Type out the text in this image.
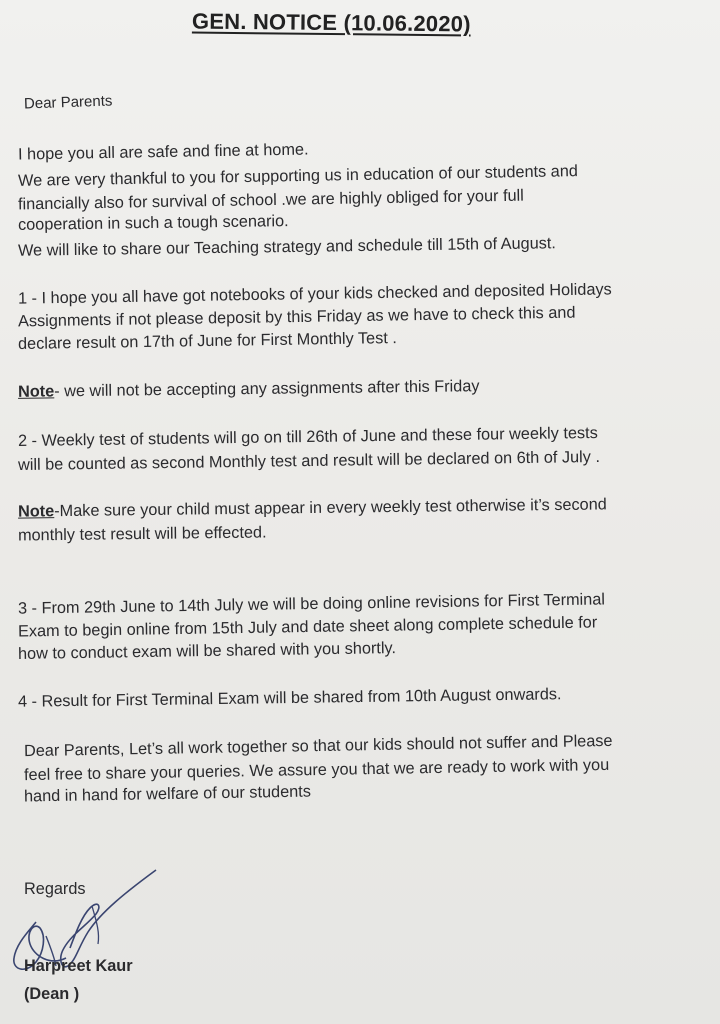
GEN. NOTICE (10.06.2020)
Dear Parents
I hope you all are safe and fine at home.
We are very thankful to you for supporting us in education of our students and
financially also for survival of school .we are highly obliged for your full
cooperation in such a tough scenario.
We will like to share our Teaching strategy and schedule till 15th of August.
1 - I hope you all have got notebooks of your kids checked and deposited Holidays
Assignments if not please deposit by this Friday as we have to check this and
declare result on 17th of June for First Monthly Test .
Note- we will not be accepting any assignments after this Friday
2 - Weekly test of students will go on till 26th of June and these four weekly tests
will be counted as second Monthly test and result will be declared on 6th of July .
Note-Make sure your child must appear in every weekly test otherwise it’s second
monthly test result will be effected.
3 - From 29th June to 14th July we will be doing online revisions for First Terminal
Exam to begin online from 15th July and date sheet along complete schedule for
how to conduct exam will be shared with you shortly.
4 - Result for First Terminal Exam will be shared from 10th August onwards.
Dear Parents, Let’s all work together so that our kids should not suffer and Please
feel free to share your queries. We assure you that we are ready to work with you
hand in hand for welfare of our students
Regards
Harpreet Kaur
(Dean )
